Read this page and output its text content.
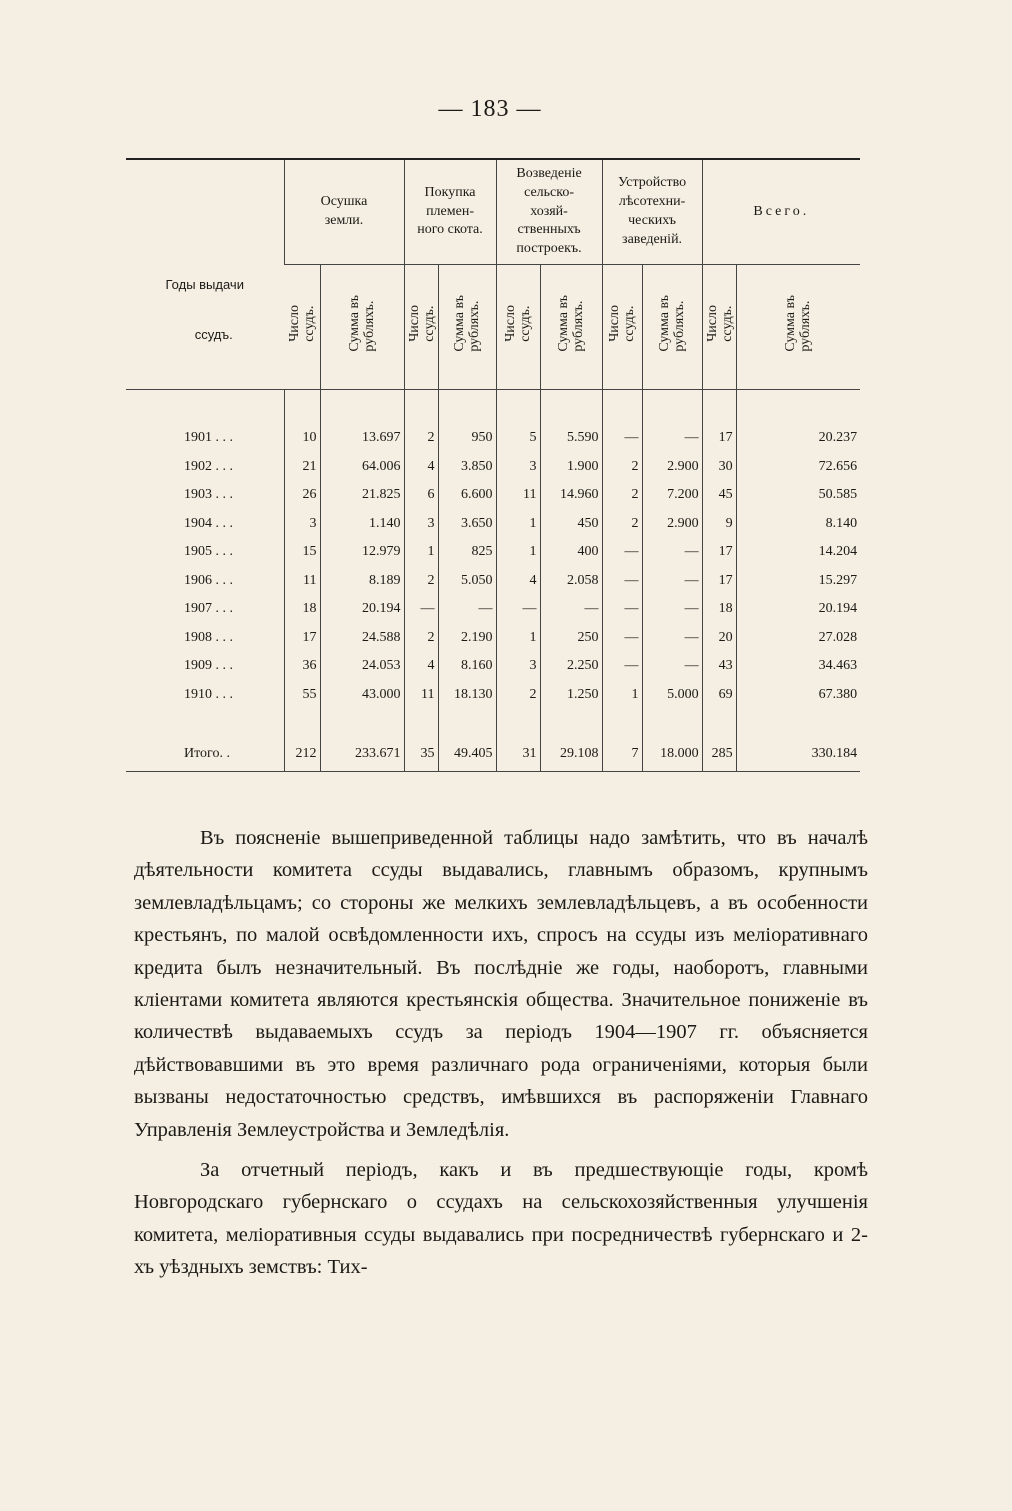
— 183 —
Годы выдачи
ссудъ.	Осушка
земли.		Покупка
племен-
ного скота.		Возведеніе
сельско-
хозяй-
ственныхъ
построекъ.		Устройство
лѣсотехни-
ческихъ
заведеній.		Всего.	
	Число
ссудъ.	Сумма въ
рубляхъ.	Число
ссудъ.	Сумма въ
рубляхъ.	Число
ссудъ.	Сумма въ
рубляхъ.	Число
ссудъ.	Сумма въ
рубляхъ.	Число
ссудъ.	Сумма въ
рубляхъ.

1901 . . .	10	13.697	2	950	5	5.590	—	—	17	20.237
1902 . . .	21	64.006	4	3.850	3	1.900	2	2.900	30	72.656
1903 . . .	26	21.825	6	6.600	11	14.960	2	7.200	45	50.585
1904 . . .	3	1.140	3	3.650	1	450	2	2.900	9	8.140
1905 . . .	15	12.979	1	825	1	400	—	—	17	14.204
1906 . . .	11	8.189	2	5.050	4	2.058	—	—	17	15.297
1907 . . .	18	20.194	—	—	—	—	—	—	18	20.194
1908 . . .	17	24.588	2	2.190	1	250	—	—	20	27.028
1909 . . .	36	24.053	4	8.160	3	2.250	—	—	43	34.463
1910 . . .	55	43.000	11	18.130	2	1.250	1	5.000	69	67.380

Итого. .	212	233.671	35	49.405	31	29.108	7	18.000	285	330.184

Въ поясненіе вышеприведенной таблицы надо замѣтить, что въ началѣ дѣятельности комитета ссуды выдавались, главнымъ образомъ, крупнымъ землевладѣльцамъ; со стороны же мелкихъ землевладѣльцевъ, а въ особенности крестьянъ, по малой освѣдомленности ихъ, спросъ на ссуды изъ меліоративнаго кредита былъ незначительный. Въ послѣдніе же годы, наоборотъ, главными кліентами комитета являются крестьянскія общества. Значительное пониженіе въ количествѣ выдаваемыхъ ссудъ за періодъ 1904—1907 гг. объясняется дѣйствовавшими въ это время различнаго рода ограниченіями, которыя были вызваны недостаточностью средствъ, имѣвшихся въ распоряженіи Главнаго Управленія Землеустройства и Земледѣлія.

За отчетный періодъ, какъ и въ предшествующіе годы, кромѣ Новгородскаго губернскаго о ссудахъ на сельскохозяйственныя улучшенія комитета, меліоративныя ссуды выдавались при посредничествѣ губернскаго и 2-хъ уѣздныхъ земствъ: Тих-
